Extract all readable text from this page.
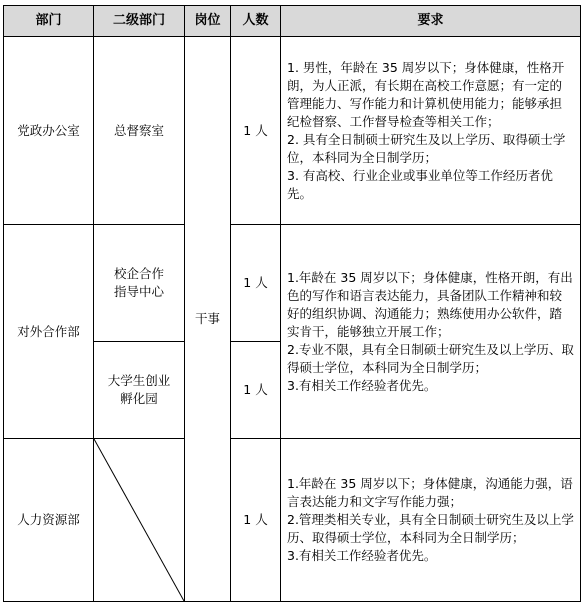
部门	二级部门	岗位	人数	要求
党政办公室	总督察室	干事	1 人	1. 男性，年龄在 35 周岁以下；身体健康，性格开朗，为人正派，有长期在高校工作意愿；有一定的管理能力、写作能力和计算机使用能力；能够承担纪检督察、工作督导检查等相关工作；

2. 具有全日制硕士研究生及以上学历、取得硕士学位，本科同为全日制学历；

3. 有高校、行业企业或事业单位等工作经历者优先。

对外合作部	校企合作指导中心		1 人	1.年龄在 35 周岁以下；身体健康，性格开朗，有出色的写作和语言表达能力，具备团队工作精神和较好的组织协调、沟通能力；熟练使用办公软件，踏实肯干，能够独立开展工作；

2.专业不限，具有全日制硕士研究生及以上学历、取得硕士学位，本科同为全日制学历；

3.有相关工作经验者优先。

	大学生创业孵化园		1 人	
人力资源部			1 人	1.年龄在 35 周岁以下；身体健康，沟通能力强，语言表达能力和文字写作能力强；

2.管理类相关专业，具有全日制硕士研究生及以上学历、取得硕士学位，本科同为全日制学历；

3.有相关工作经验者优先。
